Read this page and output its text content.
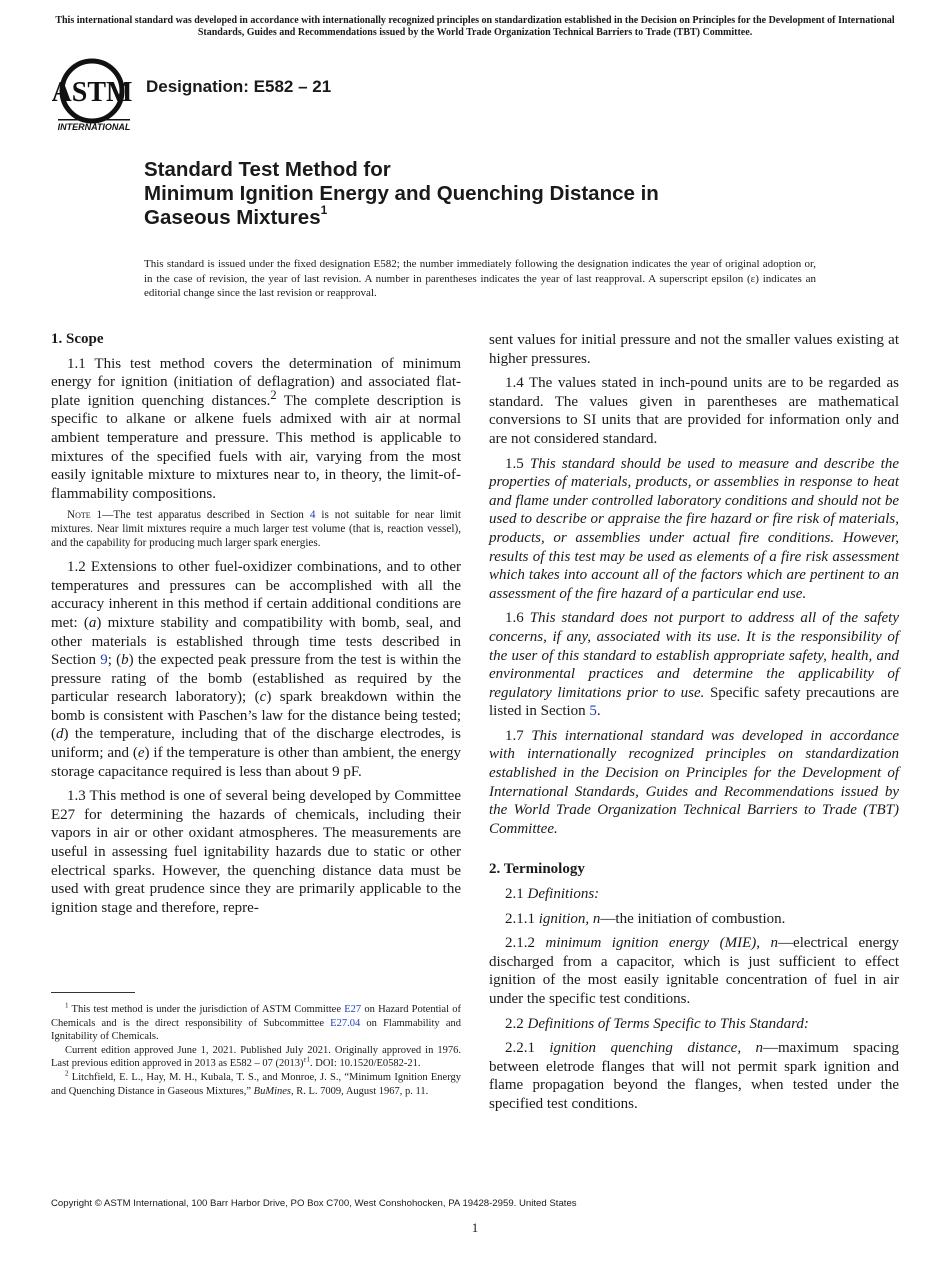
This international standard was developed in accordance with internationally recognized principles on standardization established in the Decision on Principles for the Development of International Standards, Guides and Recommendations issued by the World Trade Organization Technical Barriers to Trade (TBT) Committee.
ASTM
INTERNATIONAL
Designation: E582 – 21
Standard Test Method for
Minimum Ignition Energy and Quenching Distance in
Gaseous Mixtures$^1$
This standard is issued under the fixed designation E582; the number immediately following the designation indicates the year of original adoption or, in the case of revision, the year of last revision. A number in parentheses indicates the year of last reapproval. A superscript epsilon (ε) indicates an editorial change since the last revision or reapproval.

1. Scope

1.1 This test method covers the determination of minimum energy for ignition (initiation of deflagration) and associated flat-plate ignition quenching distances.$^2$ The complete description is specific to alkane or alkene fuels admixed with air at normal ambient temperature and pressure. This method is applicable to mixtures of the specified fuels with air, varying from the most easily ignitable mixture to mixtures near to, in theory, the limit-of-flammability compositions.

Note 1—The test apparatus described in Section 4 is not suitable for near limit mixtures. Near limit mixtures require a much larger test volume (that is, reaction vessel), and the capability for producing much larger spark energies.

1.2 Extensions to other fuel-oxidizer combinations, and to other temperatures and pressures can be accomplished with all the accuracy inherent in this method if certain additional conditions are met: (a) mixture stability and compatibility with bomb, seal, and other materials is established through time tests described in Section 9; (b) the expected peak pressure from the test is within the pressure rating of the bomb (established as required by the particular research laboratory); (c) spark breakdown within the bomb is consistent with Paschen’s law for the distance being tested; (d) the temperature, including that of the discharge electrodes, is uniform; and (e) if the temperature is other than ambient, the energy storage capacitance required is less than about 9 pF.

1.3 This method is one of several being developed by Committee E27 for determining the hazards of chemicals, including their vapors in air or other oxidant atmospheres. The measurements are useful in assessing fuel ignitability hazards due to static or other electrical sparks. However, the quenching distance data must be used with great prudence since they are primarily applicable to the ignition stage and therefore, repre-

$^1$ This test method is under the jurisdiction of ASTM Committee E27 on Hazard Potential of Chemicals and is the direct responsibility of Subcommittee E27.04 on Flammability and Ignitability of Chemicals.

Current edition approved June 1, 2021. Published July 2021. Originally approved in 1976. Last previous edition approved in 2013 as E582 – 07 $(2013)^{\varepsilon 1}$. DOI: 10.1520/E0582-21.

$^2$ Litchfield, E. L., Hay, M. H., Kubala, T. S., and Monroe, J. S., “Minimum Ignition Energy and Quenching Distance in Gaseous Mixtures,” BuMines, R. L. 7009, August 1967, p. 11.

sent values for initial pressure and not the smaller values existing at higher pressures.

1.4 The values stated in inch-pound units are to be regarded as standard. The values given in parentheses are mathematical conversions to SI units that are provided for information only and are not considered standard.

1.5 This standard should be used to measure and describe the properties of materials, products, or assemblies in response to heat and flame under controlled laboratory conditions and should not be used to describe or appraise the fire hazard or fire risk of materials, products, or assemblies under actual fire conditions. However, results of this test may be used as elements of a fire risk assessment which takes into account all of the factors which are pertinent to an assessment of the fire hazard of a particular end use.

1.6 This standard does not purport to address all of the safety concerns, if any, associated with its use. It is the responsibility of the user of this standard to establish appropriate safety, health, and environmental practices and determine the applicability of regulatory limitations prior to use. Specific safety precautions are listed in Section 5.

1.7 This international standard was developed in accordance with internationally recognized principles on standardization established in the Decision on Principles for the Development of International Standards, Guides and Recommendations issued by the World Trade Organization Technical Barriers to Trade (TBT) Committee.

2. Terminology

2.1 Definitions:

2.1.1 ignition, n—the initiation of combustion.

2.1.2 minimum ignition energy (MIE), n—electrical energy discharged from a capacitor, which is just sufficient to effect ignition of the most easily ignitable concentration of fuel in air under the specific test conditions.

2.2 Definitions of Terms Specific to This Standard:

2.2.1 ignition quenching distance, n—maximum spacing between eletrode flanges that will not permit spark ignition and flame propagation beyond the flanges, when tested under the specified test conditions.

Copyright © ASTM International, 100 Barr Harbor Drive, PO Box C700, West Conshohocken, PA 19428-2959. United States
1
